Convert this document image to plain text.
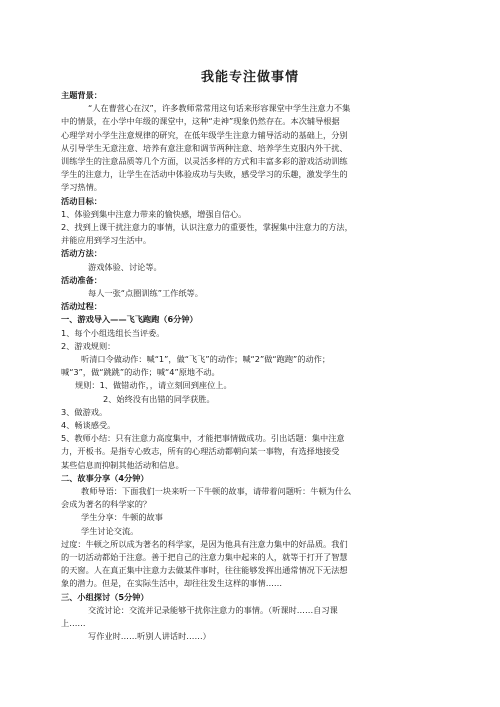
我能专注做事情
主题背景：
“人在曹营心在汉”，许多教师常常用这句话来形容课堂中学生注意力不集
中的情景，在小学中年级的课堂中，这种“走神”现象仍然存在。本次辅导根据
心理学对小学生注意规律的研究，在低年级学生注意力辅导活动的基础上，分别
从引导学生无意注意、培养有意注意和调节两种注意、培养学生克服内外干扰、
训练学生的注意品质等几个方面，以灵活多样的方式和丰富多彩的游戏活动训练
学生的注意力，让学生在活动中体验成功与失败，感受学习的乐趣，激发学生的
学习热情。
活动目标：
1、体验到集中注意力带来的愉快感，增强自信心。
2、找到上课干扰注意力的事情，认识注意力的重要性，掌握集中注意力的方法，
并能应用到学习生活中。
活动方法：
游戏体验、讨论等。
活动准备：
每人一张“点圈训练”工作纸等。
活动过程：
一、游戏导入——飞飞跑跑（6分钟）
1、每个小组选组长当评委。
2、游戏规则：
听清口令做动作：喊“1”，做“飞飞”的动作；喊“2”做“跑跑”的动作；
喊“3”，做“跳跳”的动作；喊“4”原地不动。
规则：1、做错动作，，请立刻回到座位上。
2、始终没有出错的同学获胜。
3、做游戏。
4、畅谈感受。
5、教师小结：只有注意力高度集中，才能把事情做成功。引出话题：集中注意
力，开板书。是指专心致志，所有的心理活动都朝向某一事物，有选择地接受
某些信息而抑制其他活动和信息。
二、故事分享（4分钟）
教师导语：下面我们一块来听一下牛顿的故事，请带着问题听：牛顿为什么
会成为著名的科学家的？
学生分享：牛顿的故事
学生讨论交流。
过度：牛顿之所以成为著名的科学家，是因为他具有注意力集中的好品质。我们
的一切活动都始于注意。善于把自己的注意力集中起来的人，就等于打开了智慧
的天窗。人在真正集中注意力去做某件事时，往往能够发挥出通常情况下无法想
象的潜力。但是，在实际生活中，却往往发生这样的事情……
三、小组探讨（5分钟）
交流讨论：交流并记录能够干扰你注意力的事情。（听课时……自习课
上……
写作业时……听别人讲话时……）
